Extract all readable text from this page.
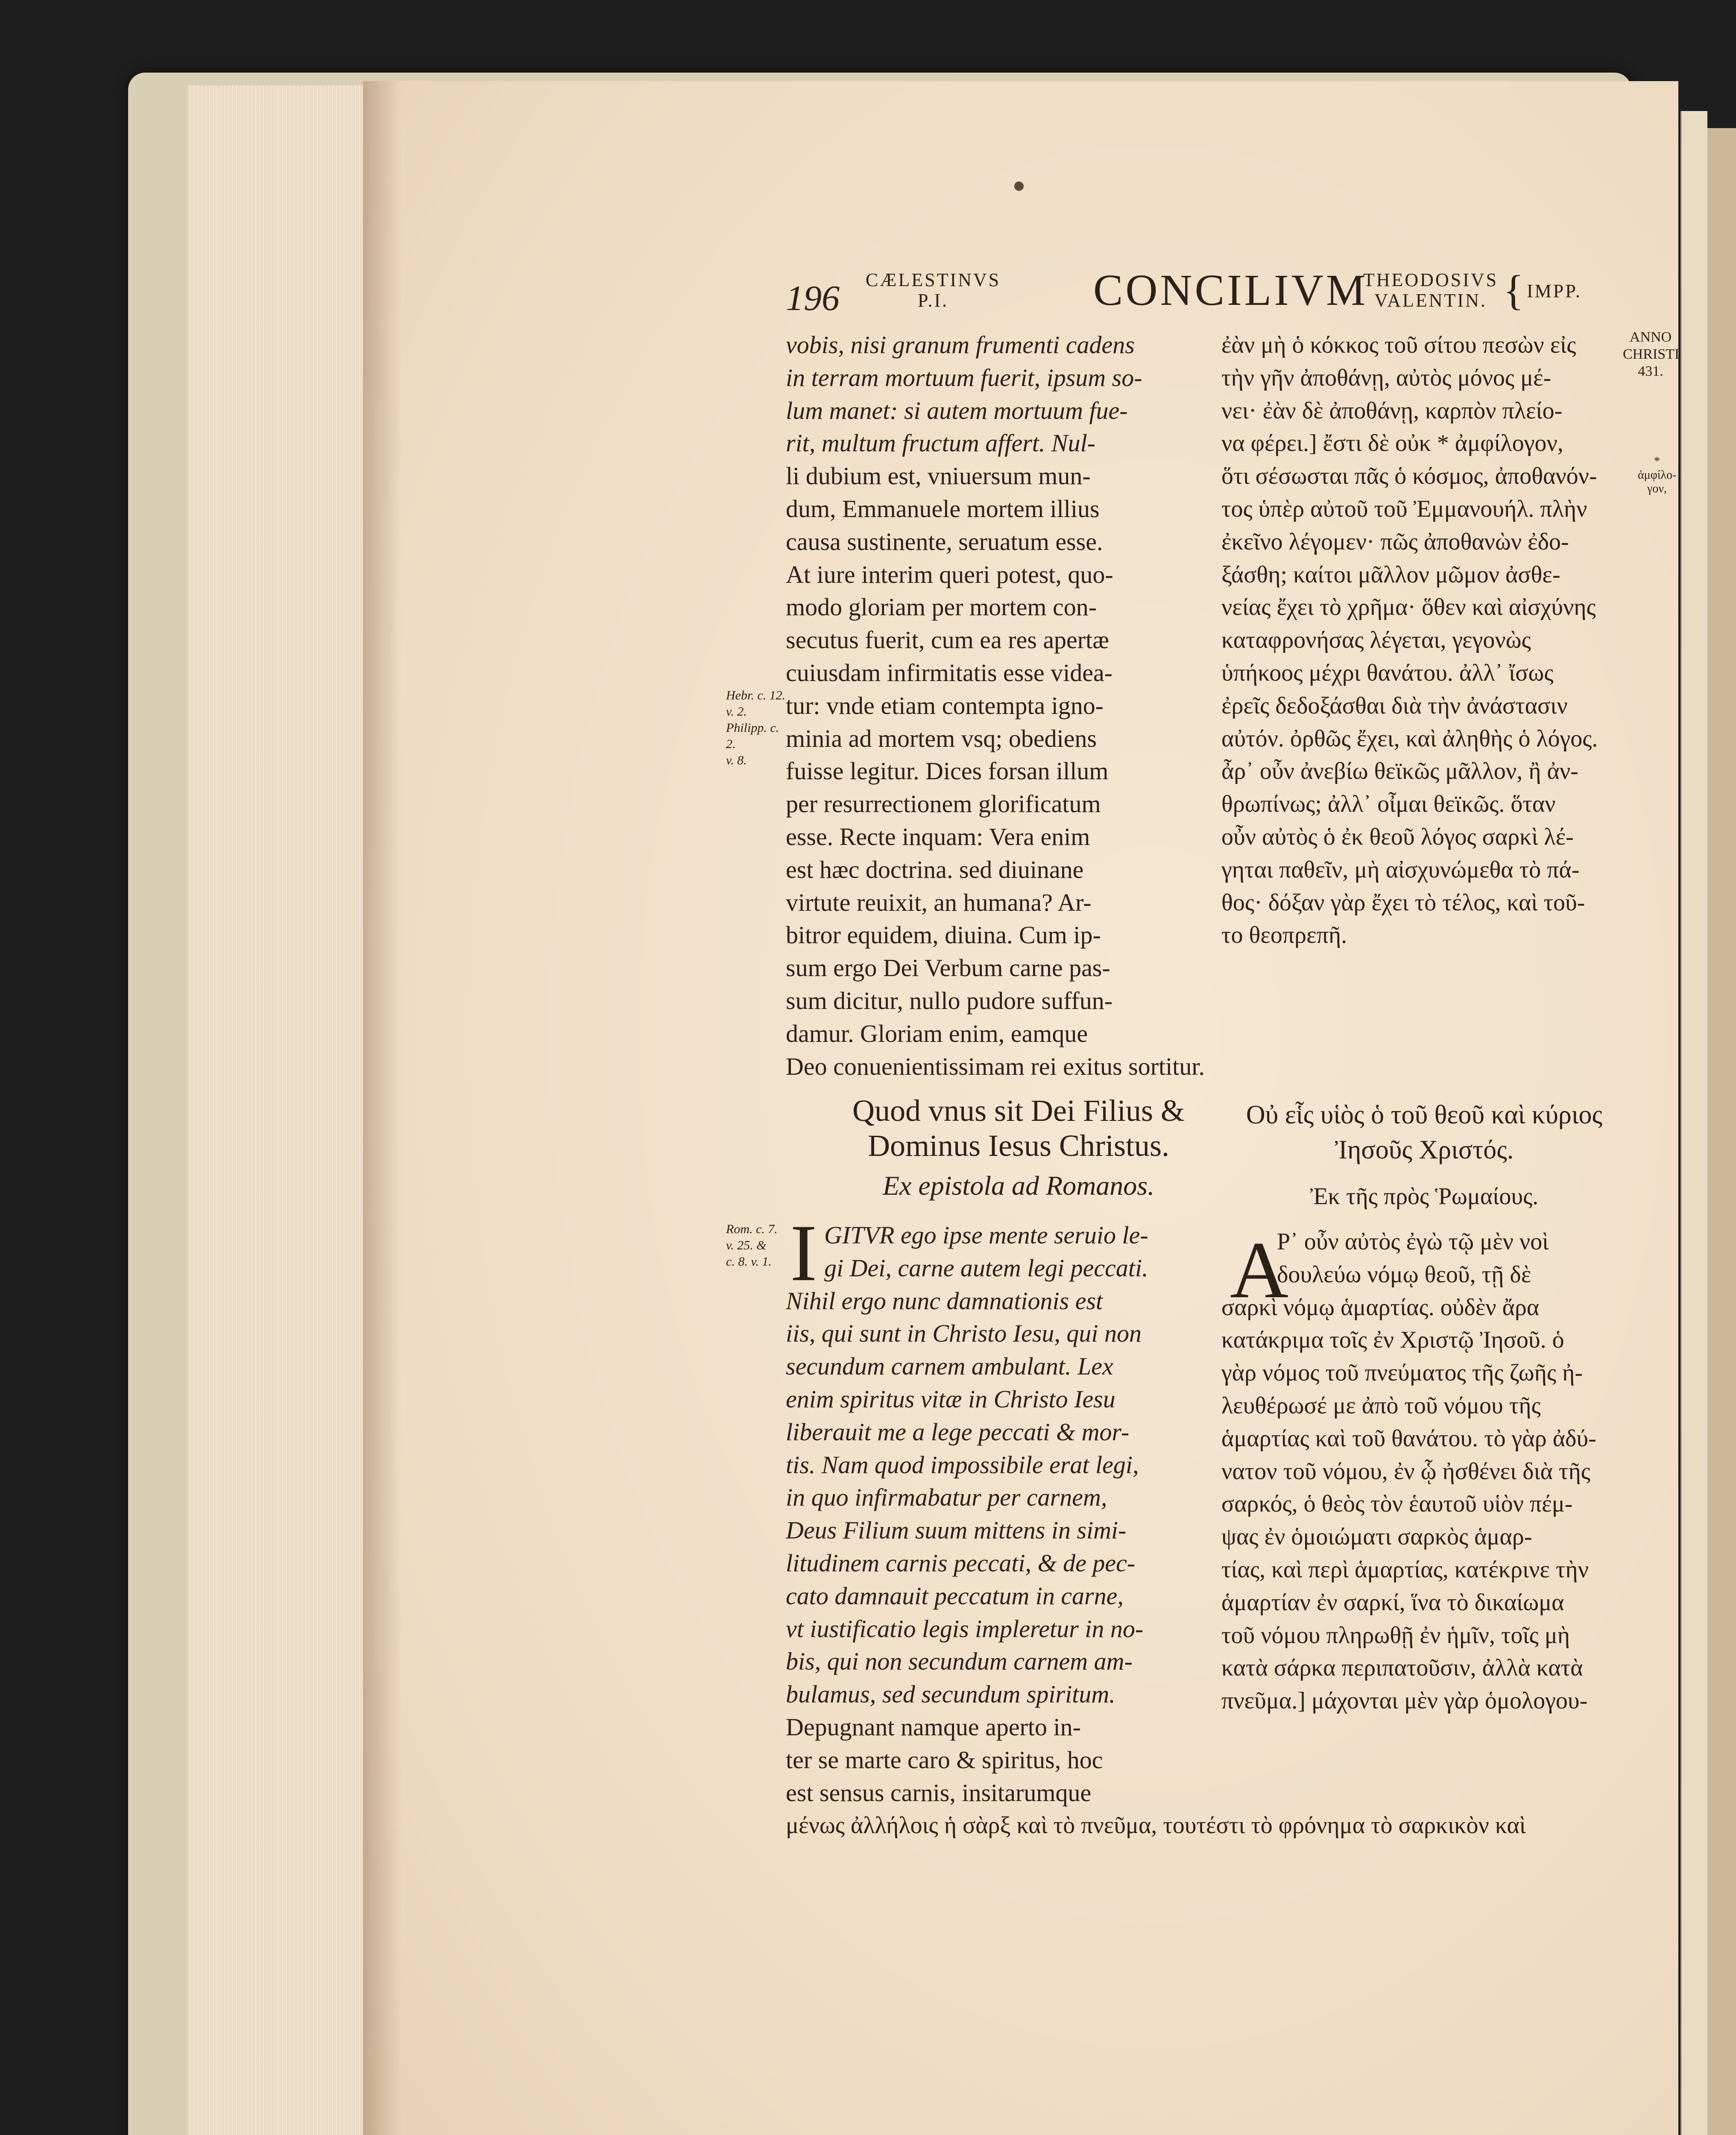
196	CÆLESTINVS
P.I.	CONCILIVM
THEODOSIVS
VALENTIN. { IMPP.
ANNO
CHRISTI
431.
* ἀμφίλο-
γον,
Hebr. c. 12.
v. 2.
Philipp. c. 2.
v. 8.
Rom. c. 7.
v. 25. &
c. 8. v. 1.
vobis, nisi granum frumenti cadens
in terram mortuum fuerit, ipsum so-
lum manet: si autem mortuum fue-
rit, multum fructum affert. Nul-
li dubium est, vniuersum mun-
dum, Emmanuele mortem illius
causa sustinente, seruatum esse.
At iure interim queri potest, quo-
modo gloriam per mortem con-
secutus fuerit, cum ea res apertæ
cuiusdam infirmitatis esse videa-
tur: vnde etiam contempta igno-
minia ad mortem vsq; obediens
fuisse legitur. Dices forsan illum
per resurrectionem glorificatum
esse. Recte inquam: Vera enim
est hæc doctrina. sed diuinane
virtute reuixit, an humana? Ar-
bitror equidem, diuina. Cum ip-
sum ergo Dei Verbum carne pas-
sum dicitur, nullo pudore suffun-
damur. Gloriam enim, eamque
Deo conuenientissimam rei exitus sortitur.
ἐὰν μὴ ὁ κόκκος τοῦ σίτου πεσὼν εἰς
τὴν γῆν ἀποθάνῃ, αὐτὸς μόνος μέ-
νει· ἐὰν δὲ ἀποθάνῃ, καρπὸν πλείο-
να φέρει.] ἔστι δὲ οὐκ * ἀμφίλογον,
ὅτι σέσωσται πᾶς ὁ κόσμος, ἀποθανόν-
τος ὑπὲρ αὐτοῦ τοῦ Ἐμμανουήλ. πλὴν
ἐκεῖνο λέγομεν· πῶς ἀποθανὼν ἐδο-
ξάσθη; καίτοι μᾶλλον μῶμον ἀσθε-
νείας ἔχει τὸ χρῆμα· ὅθεν καὶ αἰσχύνης
καταφρονήσας λέγεται, γεγονὼς
ὑπήκοος μέχρι θανάτου. ἀλλ᾽ ἴσως
ἐρεῖς δεδοξάσθαι διὰ τὴν ἀνάστασιν
αὐτόν. ὀρθῶς ἔχει, καὶ ἀληθὴς ὁ λόγος.
ἆρ᾽ οὖν ἀνεβίω θεϊκῶς μᾶλλον, ἢ ἀν-
θρωπίνως; ἀλλ᾽ οἶμαι θεϊκῶς. ὅταν
οὖν αὐτὸς ὁ ἐκ θεοῦ λόγος σαρκὶ λέ-
γηται παθεῖν, μὴ αἰσχυνώμεθα τὸ πά-
θος· δόξαν γὰρ ἔχει τὸ τέλος, καὶ τοῦ-
το θεοπρεπῆ.
Quod vnus sit Dei Filius &
Dominus Iesus Christus.
Οὐ εἷς υἱὸς ὁ τοῦ θεοῦ καὶ κύριος
Ἰησοῦς Χριστός.
Ex epistola ad Romanos.	Ἐκ τῆς πρὸς Ῥωμαίους.
I	A
GITVR ego ipse mente seruio le-
gi Dei, carne autem legi peccati.
Nihil ergo nunc damnationis est
iis, qui sunt in Christo Iesu, qui non
secundum carnem ambulant. Lex
enim spiritus vitæ in Christo Iesu
liberauit me a lege peccati & mor-
tis. Nam quod impossibile erat legi,
in quo infirmabatur per carnem,
Deus Filium suum mittens in simi-
litudinem carnis peccati, & de pec-
cato damnauit peccatum in carne,
vt iustificatio legis impleretur in no-
bis, qui non secundum carnem am-
bulamus, sed secundum spiritum.
Depugnant namque aperto in-
ter se marte caro & spiritus, hoc
est sensus carnis, insitarumque
Ρ᾽ οὖν αὐτὸς ἐγὼ τῷ μὲν νοὶ
δουλεύω νόμῳ θεοῦ, τῇ δὲ
σαρκὶ νόμῳ ἁμαρτίας. οὐδὲν ἄρα
κατάκριμα τοῖς ἐν Χριστῷ Ἰησοῦ. ὁ
γὰρ νόμος τοῦ πνεύματος τῆς ζωῆς ἠ-
λευθέρωσέ με ἀπὸ τοῦ νόμου τῆς
ἁμαρτίας καὶ τοῦ θανάτου. τὸ γὰρ ἀδύ-
νατον τοῦ νόμου, ἐν ᾧ ἠσθένει διὰ τῆς
σαρκός, ὁ θεὸς τὸν ἑαυτοῦ υἱὸν πέμ-
ψας ἐν ὁμοιώματι σαρκὸς ἁμαρ-
τίας, καὶ περὶ ἁμαρτίας, κατέκρινε τὴν
ἁμαρτίαν ἐν σαρκί, ἵνα τὸ δικαίωμα
τοῦ νόμου πληρωθῇ ἐν ἡμῖν, τοῖς μὴ
κατὰ σάρκα περιπατοῦσιν, ἀλλὰ κατὰ
πνεῦμα.] μάχονται μὲν γὰρ ὁμολογου-
μένως ἀλλήλοις ἡ σὰρξ καὶ τὸ πνεῦμα, τουτέστι τὸ φρόνημα τὸ σαρκικὸν καὶ
